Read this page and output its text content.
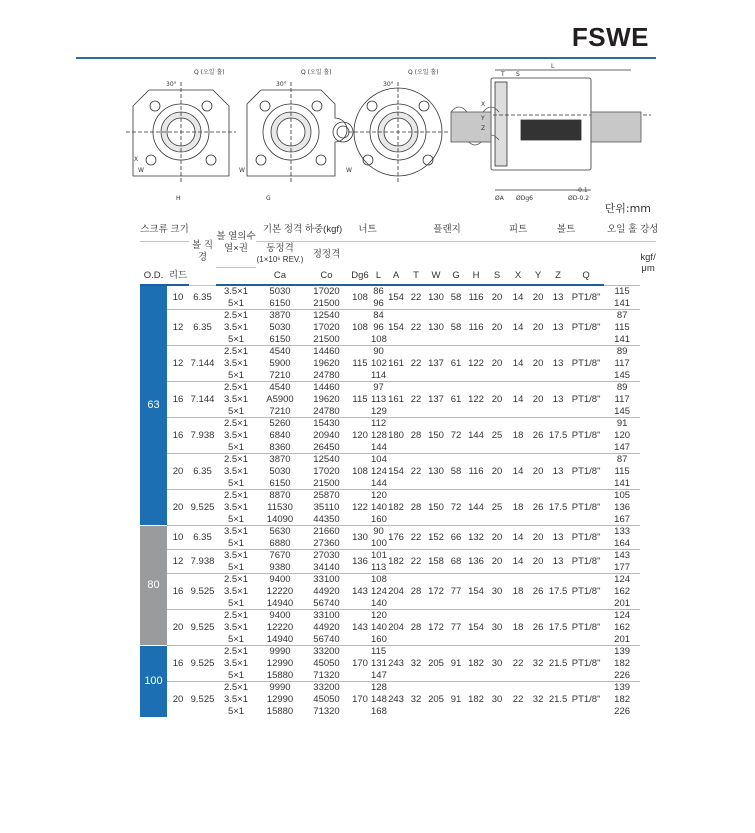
FSWE
Q (오일 홀)	Q (오일 홀)	Q (오일 홀)
30°	30°	30°
X
W
H
W
G
W
L
T S
X
Y
Z
ØA ØDg6
-0.1
ØD-0.2
단위:mm
스크류 크기		볼 직경	볼 열의수 열×권	기본 정격 하중(kgf)		너트		플랜지						피트	볼트			오일 홀	강성
				동정격
(1×10⁶ REV.)	정정격														kgf/μm
O.D.	리드			Ca	Co	Dg6	L	A	T	W	G	H	S	X	Y	Z	Q		
63	10	6.35	3.5×1	5030	17020	108	86	154	22	130	58	116	20	14	20	13	PT1/8"	115	
			5×1	6150	21500		96											141	
	12	6.35	2.5×1	3870	12540	108	84	154	22	130	58	116	20	14	20	13	PT1/8"	87	
			3.5×1	5030	17020		96											115	
			5×1	6150	21500		108											141	
	12	7.144	2.5×1	4540	14460	115	90	161	22	137	61	122	20	14	20	13	PT1/8"	89	
			3.5×1	5900	19620		102											117	
			5×1	7210	24780		114											145	
	16	7.144	2.5×1	4540	14460	115	97	161	22	137	61	122	20	14	20	13	PT1/8"	89	
			3.5×1	A5900	19620		113											117	
			5×1	7210	24780		129											145	
	16	7.938	2.5×1	5260	15430	120	112	180	28	150	72	144	25	18	26	17.5	PT1/8"	91	
			3.5×1	6840	20940		128											120	
			5×1	8360	26450		144											147	
	20	6.35	2.5×1	3870	12540	108	104	154	22	130	58	116	20	14	20	13	PT1/8"	87	
			3.5×1	5030	17020		124											115	
			5×1	6150	21500		144											141	
	20	9.525	2.5×1	8870	25870	122	120	182	28	150	72	144	25	18	26	17.5	PT1/8"	105	
			3.5×1	11530	35110		140											136	
			5×1	14090	44350		160											167	
80	10	6.35	3.5×1	5630	21660	130	90	176	22	152	66	132	20	14	20	13	PT1/8"	133	
			5×1	6880	27360		100											164	
	12	7.938	3.5×1	7670	27030	136	101	182	22	158	68	136	20	14	20	13	PT1/8"	143	
			5×1	9380	34140		113											177	
	16	9.525	2.5×1	9400	33100	143	108	204	28	172	77	154	30	18	26	17.5	PT1/8"	124	
			3.5×1	12220	44920		124											162	
			5×1	14940	56740		140											201	
	20	9.525	2.5×1	9400	33100	143	120	204	28	172	77	154	30	18	26	17.5	PT1/8"	124	
			3.5×1	12220	44920		140											162	
			5×1	14940	56740		160											201	
100	16	9.525	2.5×1	9990	33200	170	115	243	32	205	91	182	30	22	32	21.5	PT1/8"	139	
			3.5×1	12990	45050		131											182	
			5×1	15880	71320		147											226	
	20	9.525	2.5×1	9990	33200	170	128	243	32	205	91	182	30	22	32	21.5	PT1/8"	139	
			3.5×1	12990	45050		148											182	
			5×1	15880	71320		168											226	
